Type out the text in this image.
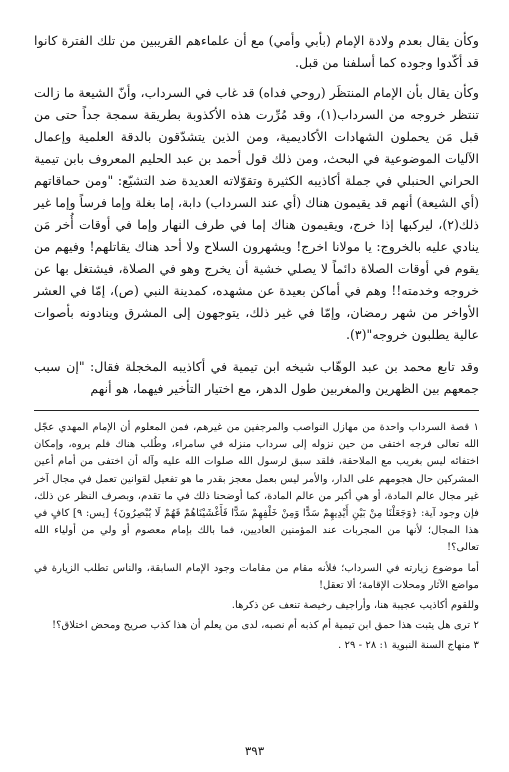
وكأن يقال بعدم ولادة الإمام (بأبي وأمي) مع أن علماءهم القريبين من تلك الفترة كانوا قد أكّدوا وجوده كما أسلفنا من قبل.

وكأن يقال بأن الإمام المنتظَر (روحي فداه) قد غاب في السرداب، وأنّ الشيعة ما زالت تنتظر خروجه من السرداب(١)، وقد مُرِّرت هذه الأكذوبة بطريقة سمجة جداً حتى من قبل مَن يحملون الشهادات الأكاديمية، ومن الذين يتشدّقون بالدقة العلمية وإعمال الآليات الموضوعية في البحث، ومن ذلك قول أحمد بن عبد الحليم المعروف بابن تيمية الحراني الحنبلي في جملة أكاذيبه الكثيرة وتقوّلاته العديدة ضد التشيّع: "ومن حماقاتهم (أي الشيعة) أنهم قد يقيمون هناك (أي عند السرداب) دابة، إما بغلة وإما فرساً وإما غير ذلك(٢)، ليركبها إذا خرج، ويقيمون هناك إما في طرف النهار وإما في أوقات أُخر مَن ينادي عليه بالخروج: يا مولانا اخرج! ويشهرون السلاح ولا أحد هناك يقاتلهم! وفيهم من يقوم في أوقات الصلاة دائماً لا يصلي خشية أن يخرج وهو في الصلاة، فيشتغل بها عن خروجه وخدمته!! وهم في أماكن بعيدة عن مشهده، كمدينة النبي (ص)، إمّا في العشر الأواخر من شهر رمضان، وإمّا في غير ذلك، يتوجهون إلى المشرق وينادونه بأصوات عالية يطلبون خروجه"(٣).

وقد تابع محمد بن عبد الوهّاب شيخه ابن تيمية في أكاذيبه المخجلة فقال: "إن سبب جمعهم بين الظهرين والمغربين طول الدهر، مع اختيار التأخير فيهما، هو أنهم

١ قصة السرداب واحدة من مهازل النواصب والمرجفين من غيرهم، فمن المعلوم أن الإمام المهدي عجّل الله تعالى فرجه اختفى من حين نزوله إلى سرداب منزله في سامراء، وطُلب هناك فلم يروه، وإمكان اختفائه ليس بغريب مع الملاحقة، فلقد سبق لرسول الله صلوات الله عليه وآله أن اختفى من أمام أعين المشركين حال هجومهم على الدار، والأمر ليس بعمل معجز بقدر ما هو تفعيل لقوانين تعمل في مجال آخر غير مجال عالم المادة، أو هي أكبر من عالم المادة، كما أوضحنا ذلك في ما تقدم، وبصرف النظر عن ذلك، فإن وجود آية: ﴿وَجَعَلْنَا مِنْ بَيْنِ أَيْدِيهِمْ سَدًّا وَمِنْ خَلْفِهِمْ سَدًّا فَأَغْشَيْنَاهُمْ فَهُمْ لَا يُبْصِرُونَ﴾ [يس: ٩] كافٍ في هذا المجال؛ لأنها من المجربات عند المؤمنين العاديين، فما بالك بإمام معصوم أو ولي من أولياء الله تعالى؟!

أما موضوع زيارته في السرداب؛ فلأنه مقام من مقامات وجود الإمام السابقة، والناس تطلب الزيارة في مواضع الآثار ومحلات الإقامة؛ ألا تعقل!

وللقوم أكاذيب عجيبة هنا، وأراجيف رخيصة تنعف عن ذكرها.

٢ ترى هل يثبت هذا حمق ابن تيمية أم كذبه أم نصبه، لدى من يعلم أن هذا كذب صريح ومحض اختلاق؟!

٣ منهاج السنة النبوية ١: ٢٨ - ٢٩ .

٣٩٣
